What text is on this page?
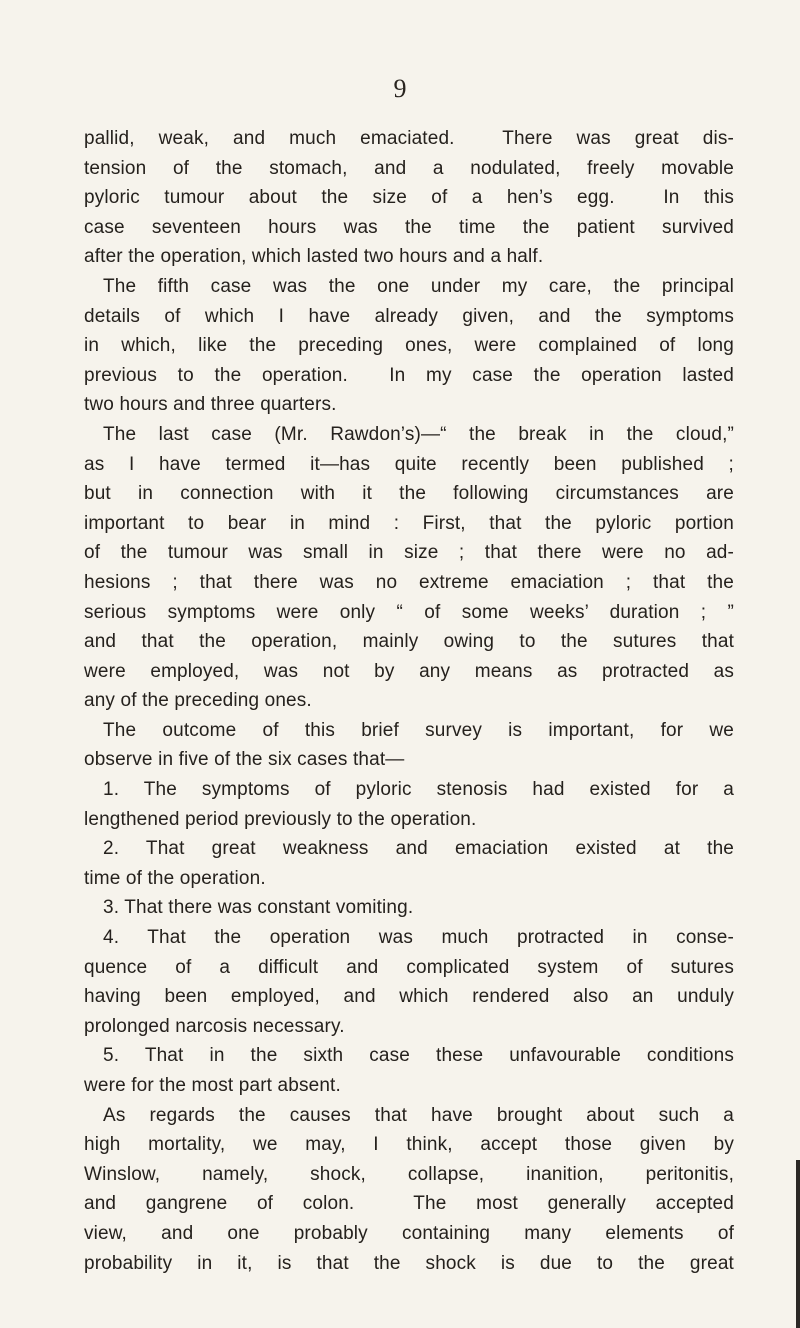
9
pallid, weak, and much emaciated.  There was great dis-
tension of the stomach, and a nodulated, freely movable
pyloric tumour about the size of a hen’s egg.  In this
case seventeen hours was the time the patient survived
after the operation, which lasted two hours and a half.
The fifth case was the one under my care, the principal
details of which I have already given, and the symptoms
in which, like the preceding ones, were complained of long
previous to the operation.  In my case the operation lasted
two hours and three quarters.
The last case (Mr. Rawdon’s)—“ the break in the cloud,”
as I have termed it—has quite recently been published ;
but in connection with it the following circumstances are
important to bear in mind : First, that the pyloric portion
of the tumour was small in size ; that there were no ad-
hesions ; that there was no extreme emaciation ; that the
serious symptoms were only “ of some weeks’ duration ; ”
and that the operation, mainly owing to the sutures that
were employed, was not by any means as protracted as
any of the preceding ones.
The outcome of this brief survey is important, for we
observe in five of the six cases that—
1. The symptoms of pyloric stenosis had existed for a
lengthened period previously to the operation.
2. That great weakness and emaciation existed at the
time of the operation.
3. That there was constant vomiting.
4. That the operation was much protracted in conse-
quence of a difficult and complicated system of sutures
having been employed, and which rendered also an unduly
prolonged narcosis necessary.
5. That in the sixth case these unfavourable conditions
were for the most part absent.
As regards the causes that have brought about such a
high mortality, we may, I think, accept those given by
Winslow, namely, shock, collapse, inanition, peritonitis,
and gangrene of colon.  The most generally accepted
view, and one probably containing many elements of
probability in it, is that the shock is due to the great
